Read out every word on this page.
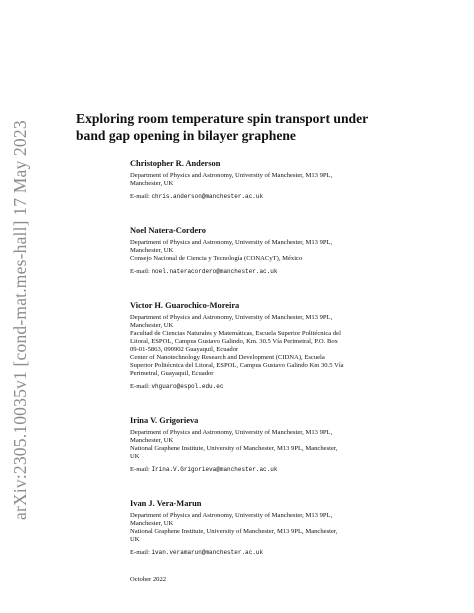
arXiv:2305.10035v1 [cond-mat.mes-hall] 17 May 2023
Exploring room temperature spin transport under
band gap opening in bilayer graphene
Christopher R. Anderson
Department of Physics and Astronomy, University of Manchester, M13 9PL,
Manchester, UK
E-mail: chris.anderson@manchester.ac.uk
Noel Natera-Cordero
Department of Physics and Astronomy, University of Manchester, M13 9PL,
Manchester, UK
Consejo Nacional de Ciencia y Tecnología (CONACyT), México
E-mail: noel.nateracordero@manchester.ac.uk
Victor H. Guarochico-Moreira
Department of Physics and Astronomy, University of Manchester, M13 9PL,
Manchester, UK
Facultad de Ciencias Naturales y Matemáticas, Escuela Superior Politécnica del
Litoral, ESPOL, Campus Gustavo Galindo, Km. 30.5 Vía Perimetral, P.O. Box
09-01-5863, 090902 Guayaquil, Ecuador
Center of Nanotechnology Research and Development (CIDNA), Escuela
Superior Politécnica del Litoral, ESPOL, Campus Gustavo Galindo Km 30.5 Vía
Perimetral, Guayaquil, Ecuador
E-mail: vhguaro@espol.edu.ec
Irina V. Grigorieva
Department of Physics and Astronomy, University of Manchester, M13 9PL,
Manchester, UK
National Graphene Institute, University of Manchester, M13 9PL, Manchester,
UK
E-mail: Irina.V.Grigorieva@manchester.ac.uk
Ivan J. Vera-Marun
Department of Physics and Astronomy, University of Manchester, M13 9PL,
Manchester, UK
National Graphene Institute, University of Manchester, M13 9PL, Manchester,
UK
E-mail: ivan.veramarun@manchester.ac.uk
October 2022
